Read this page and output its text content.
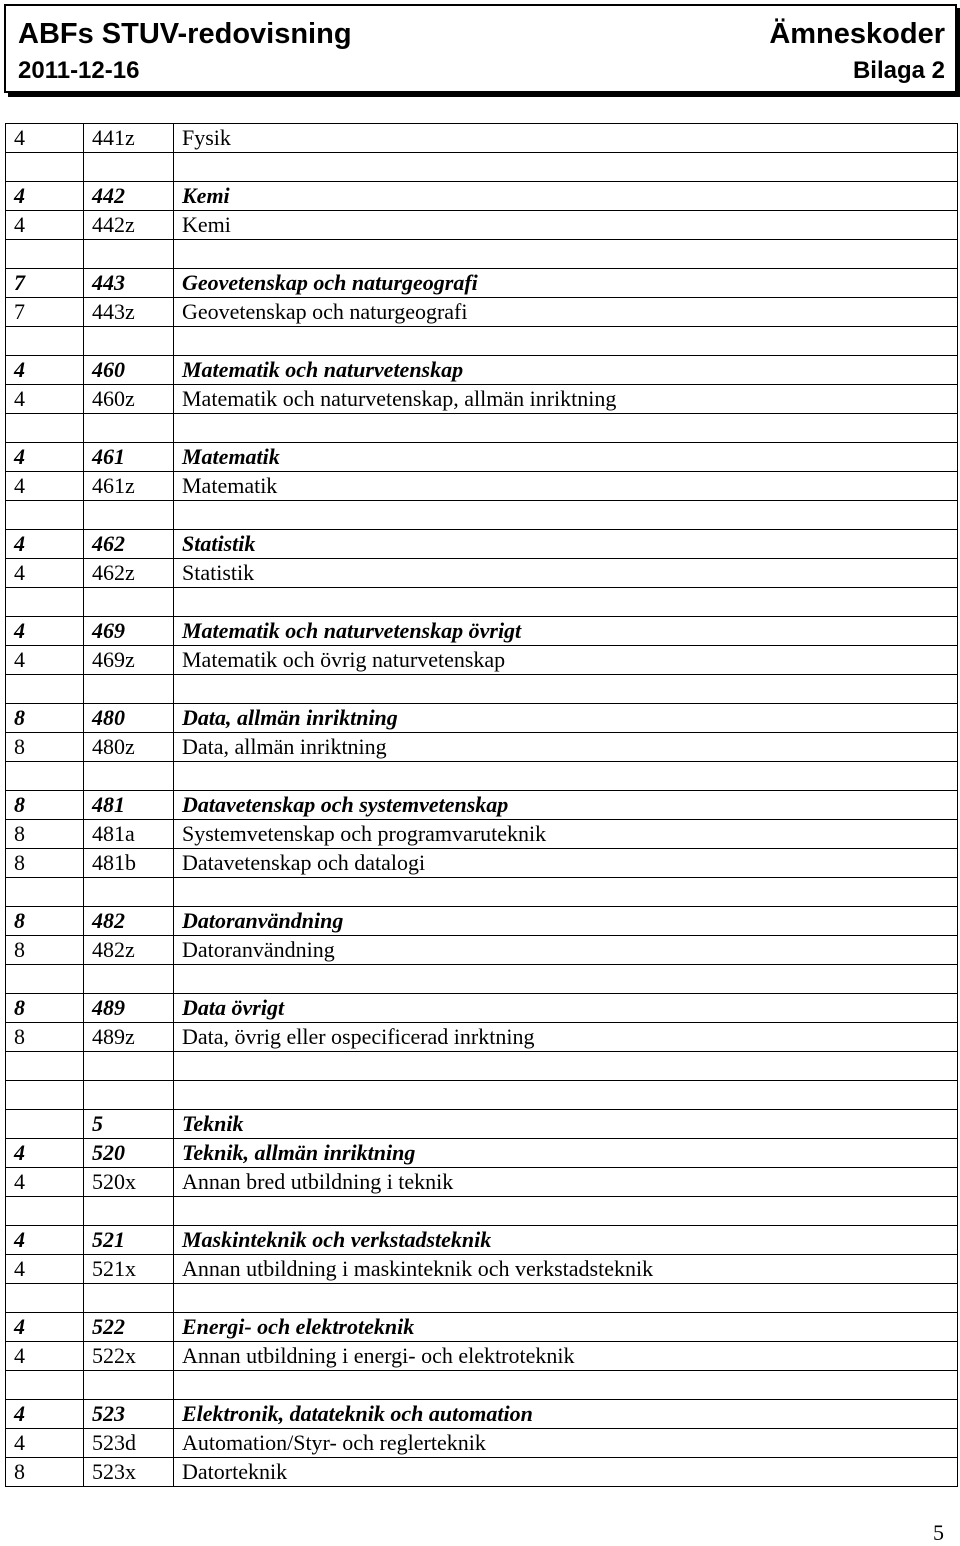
ABFs STUV-redovisning	Ämneskoder
2011-12-16	Bilaga 2
4	441z	Fysik

4	442	Kemi
4	442z	Kemi

7	443	Geovetenskap och naturgeografi
7	443z	Geovetenskap och naturgeografi

4	460	Matematik och naturvetenskap
4	460z	Matematik och naturvetenskap, allmän inriktning

4	461	Matematik
4	461z	Matematik

4	462	Statistik
4	462z	Statistik

4	469	Matematik och naturvetenskap övrigt
4	469z	Matematik och övrig naturvetenskap

8	480	Data, allmän inriktning
8	480z	Data, allmän inriktning

8	481	Datavetenskap och systemvetenskap
8	481a	Systemvetenskap och programvaruteknik
8	481b	Datavetenskap och datalogi

8	482	Datoranvändning
8	482z	Datoranvändning

8	489	Data övrigt
8	489z	Data, övrig eller ospecificerad inrktning

	5	Teknik
4	520	Teknik, allmän inriktning
4	520x	Annan bred utbildning i teknik

4	521	Maskinteknik och verkstadsteknik
4	521x	Annan utbildning i maskinteknik och verkstadsteknik

4	522	Energi- och elektroteknik
4	522x	Annan utbildning i energi- och elektroteknik

4	523	Elektronik, datateknik och automation
4	523d	Automation/Styr- och reglerteknik
8	523x	Datorteknik
5
